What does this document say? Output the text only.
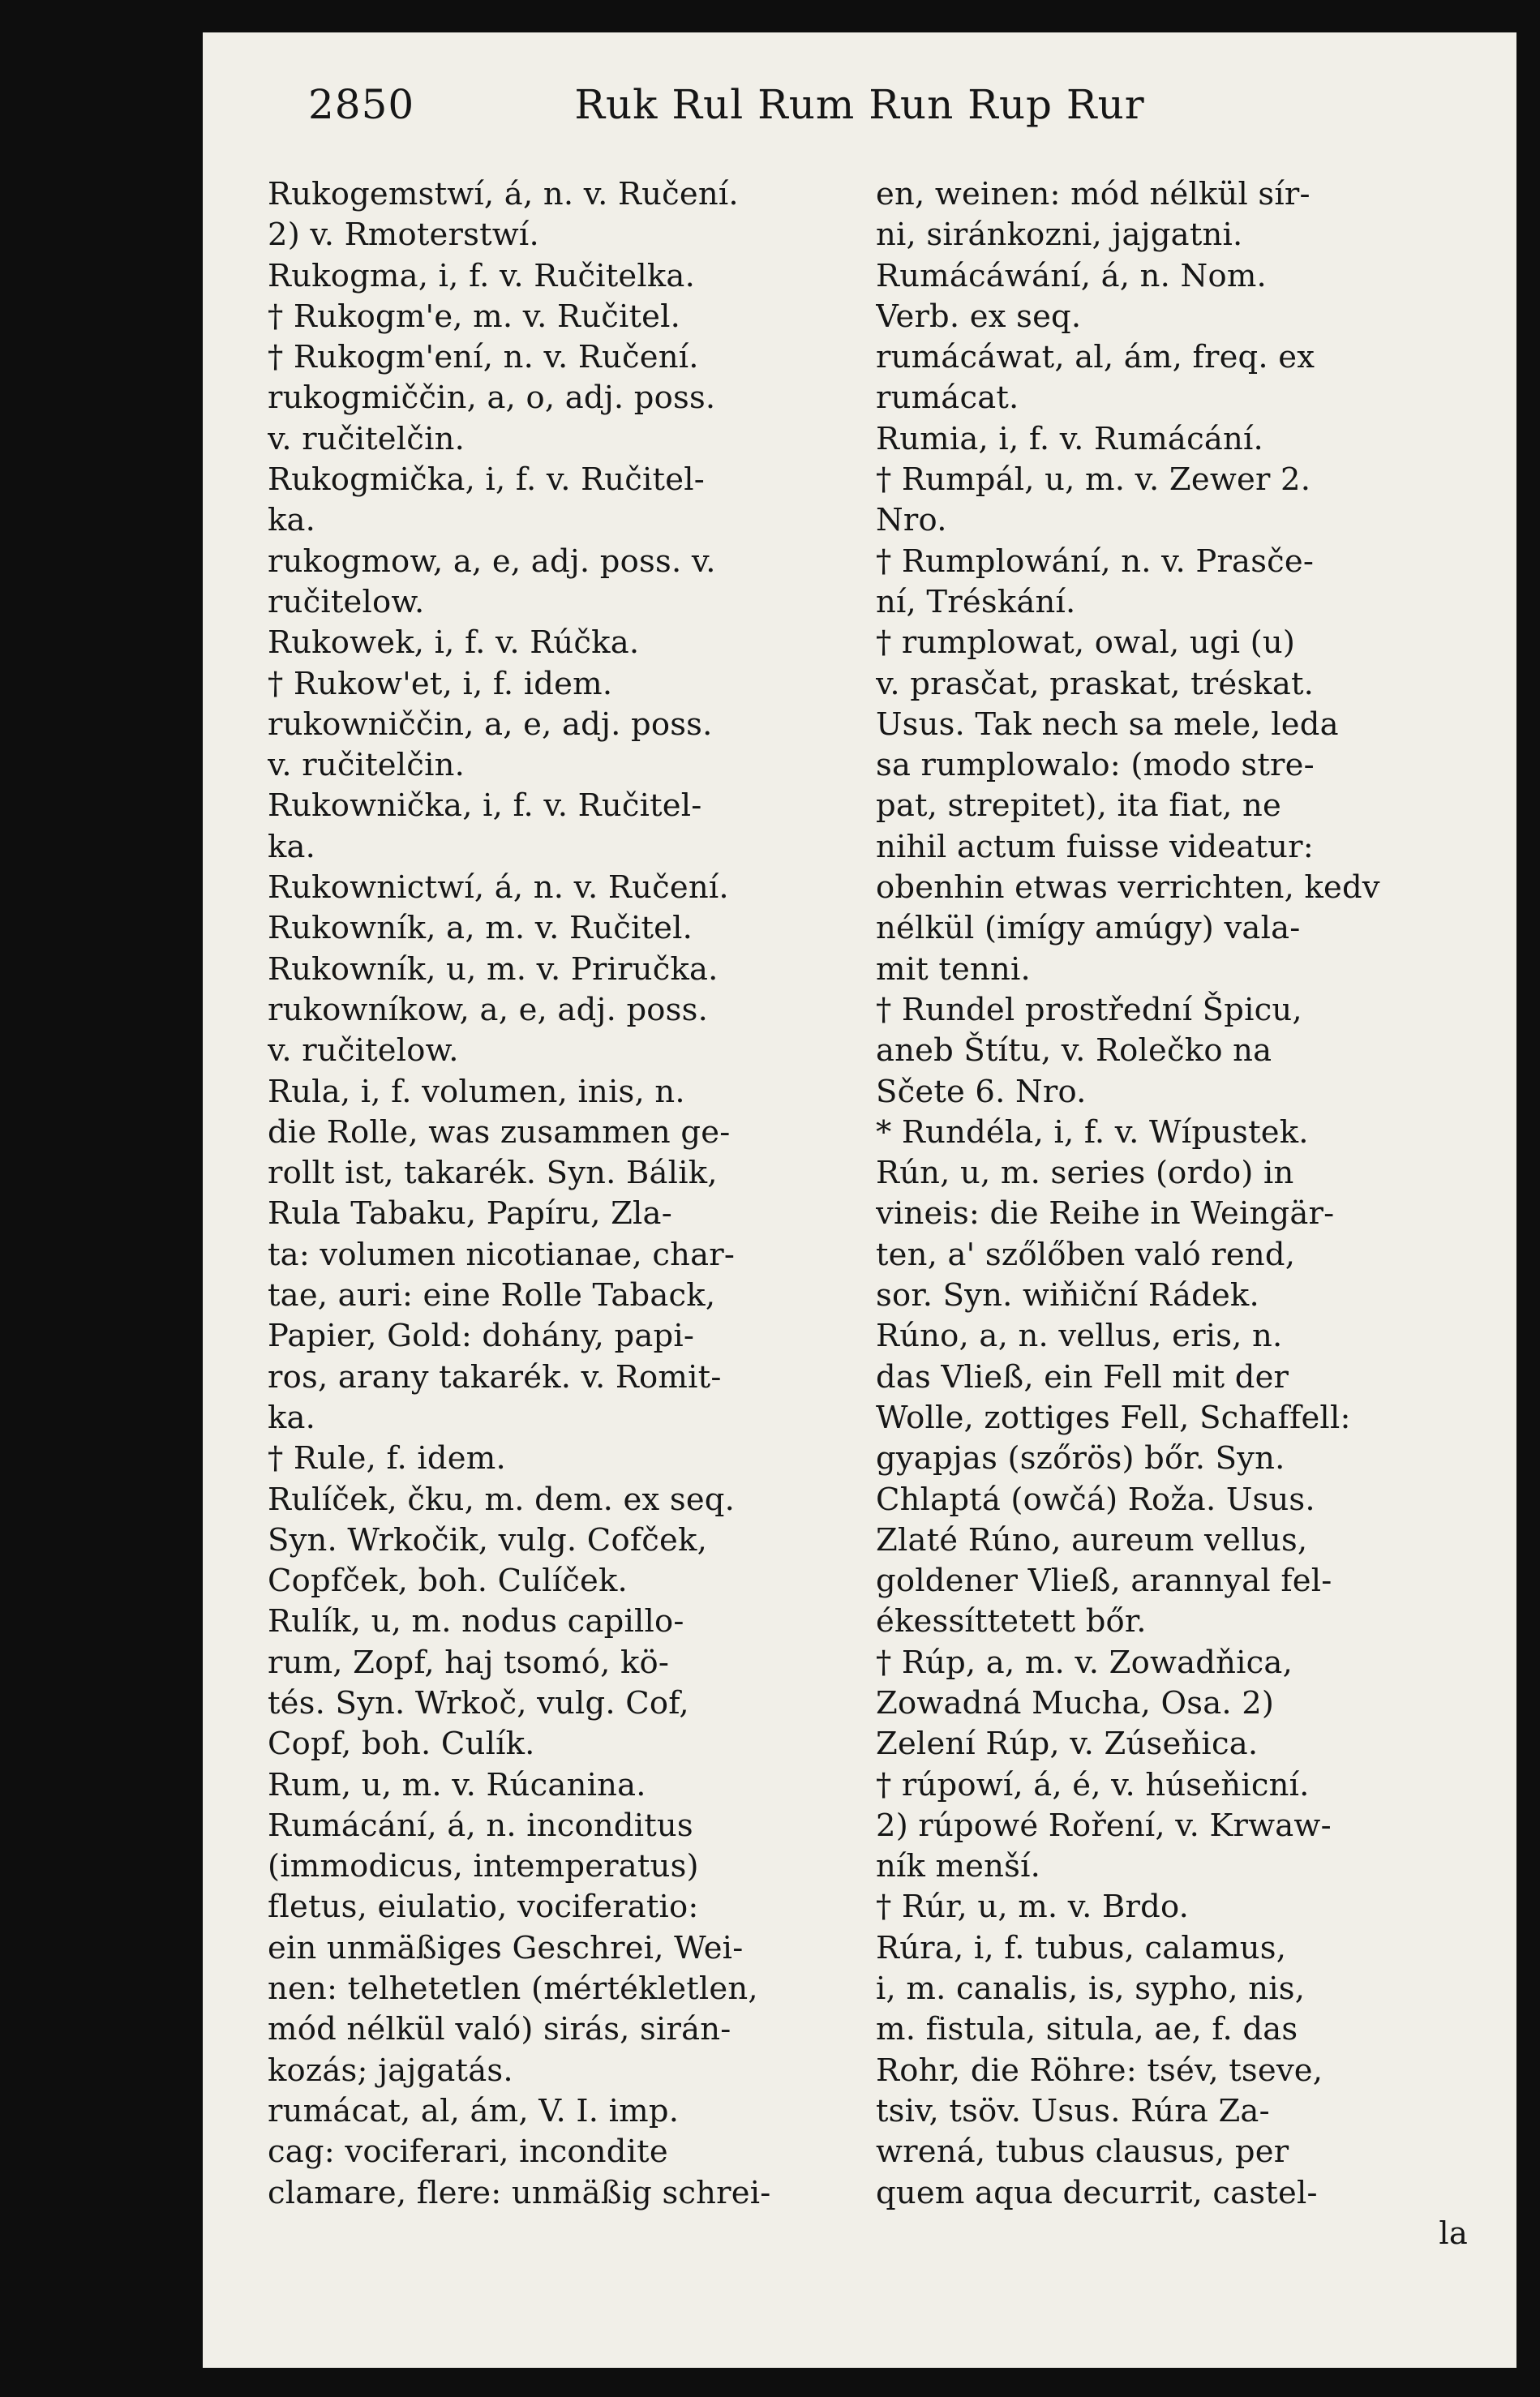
2850	Ruk Rul Rum Run Rup Rur
Rukogemstwí, á, n. v. Ručení.
2) v. Rmoterstwí.
Rukogma, i, f. v. Ručitelka.
† Rukogm'e, m. v. Ručitel.
† Rukogm'ení, n. v. Ručení.
rukogmiččin, a, o, adj. poss.
v. ručitelčin.
Rukogmička, i, f. v. Ručitel-
ka.
rukogmow, a, e, adj. poss. v.
ručitelow.
Rukowek, i, f. v. Rúčka.
† Rukow'et, i, f. idem.
rukowniččin, a, e, adj. poss.
v. ručitelčin.
Rukownička, i, f. v. Ručitel-
ka.
Rukownictwí, á, n. v. Ručení.
Rukowník, a, m. v. Ručitel.
Rukowník, u, m. v. Priručka.
rukowníkow, a, e, adj. poss.
v. ručitelow.
Rula, i, f. volumen, inis, n.
die Rolle, was zusammen ge-
rollt ist, takarék. Syn. Bálik,
Rula Tabaku, Papíru, Zla-
ta: volumen nicotianae, char-
tae, auri: eine Rolle Taback,
Papier, Gold: dohány, papi-
ros, arany takarék. v. Romit-
ka.
† Rule, f. idem.
Rulíček, čku, m. dem. ex seq.
Syn. Wrkočik, vulg. Cofček,
Copfček, boh. Culíček.
Rulík, u, m. nodus capillo-
rum, Zopf, haj tsomó, kö-
tés. Syn. Wrkoč, vulg. Cof,
Copf, boh. Culík.
Rum, u, m. v. Rúcanina.
Rumácání, á, n. inconditus
(immodicus, intemperatus)
fletus, eiulatio, vociferatio:
ein unmäßiges Geschrei, Wei-
nen: telhetetlen (mértékletlen,
mód nélkül való) sirás, sirán-
kozás; jajgatás.
rumácat, al, ám, V. I. imp.
cag: vociferari, incondite
clamare, flere: unmäßig schrei-
en, weinen: mód nélkül sír-
ni, siránkozni, jajgatni.
Rumácáwání, á, n. Nom.
Verb. ex seq.
rumácáwat, al, ám, freq. ex
rumácat.
Rumia, i, f. v. Rumácání.
† Rumpál, u, m. v. Zewer 2.
Nro.
† Rumplowání, n. v. Prasče-
ní, Tréskání.
† rumplowat, owal, ugi (u)
v. prasčat, praskat, tréskat.
Usus. Tak nech sa mele, leda
sa rumplowalo: (modo stre-
pat, strepitet), ita fiat, ne
nihil actum fuisse videatur:
obenhin etwas verrichten, kedv
nélkül (imígy amúgy) vala-
mit tenni.
† Rundel prostřední Špicu,
aneb Štítu, v. Rolečko na
Sčete 6. Nro.
* Rundéla, i, f. v. Wípustek.
Rún, u, m. series (ordo) in
vineis: die Reihe in Weingär-
ten, a' szőlőben való rend,
sor. Syn. wiňiční Rádek.
Rúno, a, n. vellus, eris, n.
das Vließ, ein Fell mit der
Wolle, zottiges Fell, Schaffell:
gyapjas (szőrös) bőr. Syn.
Chlaptá (owčá) Roža. Usus.
Zlaté Rúno, aureum vellus,
goldener Vließ, arannyal fel-
ékessíttetett bőr.
† Rúp, a, m. v. Zowadňica,
Zowadná Mucha, Osa. 2)
Zelení Rúp, v. Zúseňica.
† rúpowí, á, é, v. húseňicní.
2) rúpowé Roření, v. Krwaw-
ník menší.
† Rúr, u, m. v. Brdo.
Rúra, i, f. tubus, calamus,
i, m. canalis, is, sypho, nis,
m. fistula, situla, ae, f. das
Rohr, die Röhre: tsév, tseve,
tsiv, tsöv. Usus. Rúra Za-
wrená, tubus clausus, per
quem aqua decurrit, castel-
la
